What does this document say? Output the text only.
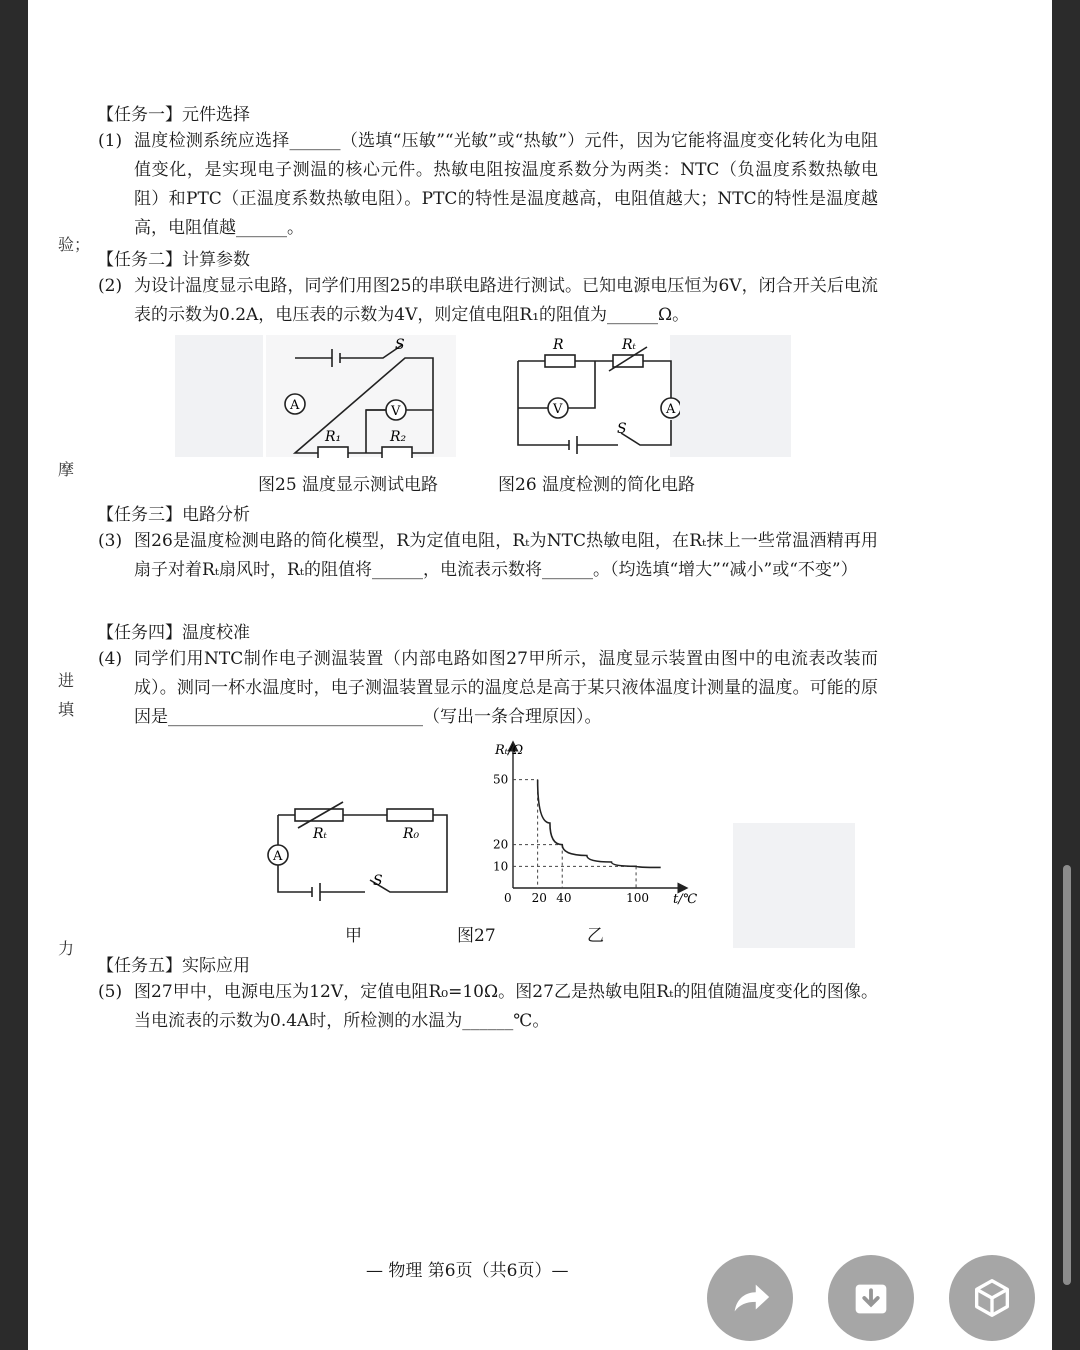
验；
摩
进
填
力
【任务一】元件选择
(1) 温度检测系统应选择______（选填“压敏”“光敏”或“热敏”）元件，因为它能将温度变化转化为电阻值变化，是实现电子测温的核心元件。热敏电阻按温度系数分为两类：NTC（负温度系数热敏电阻）和PTC（正温度系数热敏电阻）。PTC的特性是温度越高，电阻值越大；NTC的特性是温度越高，电阻值越______。
【任务二】计算参数
(2) 为设计温度显示电路，同学们用图25的串联电路进行测试。已知电源电压恒为6V，闭合开关后电流表的示数为0.2A，电压表的示数为4V，则定值电阻R₁的阻值为______Ω。
A	V
S
R₁	R₂
R	Rₜ
V	A
S
图25 温度显示测试电路	图26 温度检测的简化电路
【任务三】电路分析
(3) 图26是温度检测电路的简化模型，R为定值电阻，Rₜ为NTC热敏电阻，在Rₜ抹上一些常温酒精再用扇子对着Rₜ扇风时，Rₜ的阻值将______，电流表示数将______。（均选填“增大”“减小”或“不变”）
【任务四】温度校准
(4) 同学们用NTC制作电子测温装置（内部电路如图27甲所示，温度显示装置由图中的电流表改装而成）。测同一杯水温度时，电子测温装置显示的温度总是高于某只液体温度计测量的温度。可能的原因是______________________________（写出一条合理原因）。
A
Rₜ	R₀
S
Rₜ/Ω
t/℃
50
20
10
0 20 40	100
甲	图27	乙
【任务五】实际应用
(5) 图27甲中，电源电压为12V，定值电阻R₀=10Ω。图27乙是热敏电阻Rₜ的阻值随温度变化的图像。当电流表的示数为0.4A时，所检测的水温为______℃。
— 物理 第6页（共6页）—
